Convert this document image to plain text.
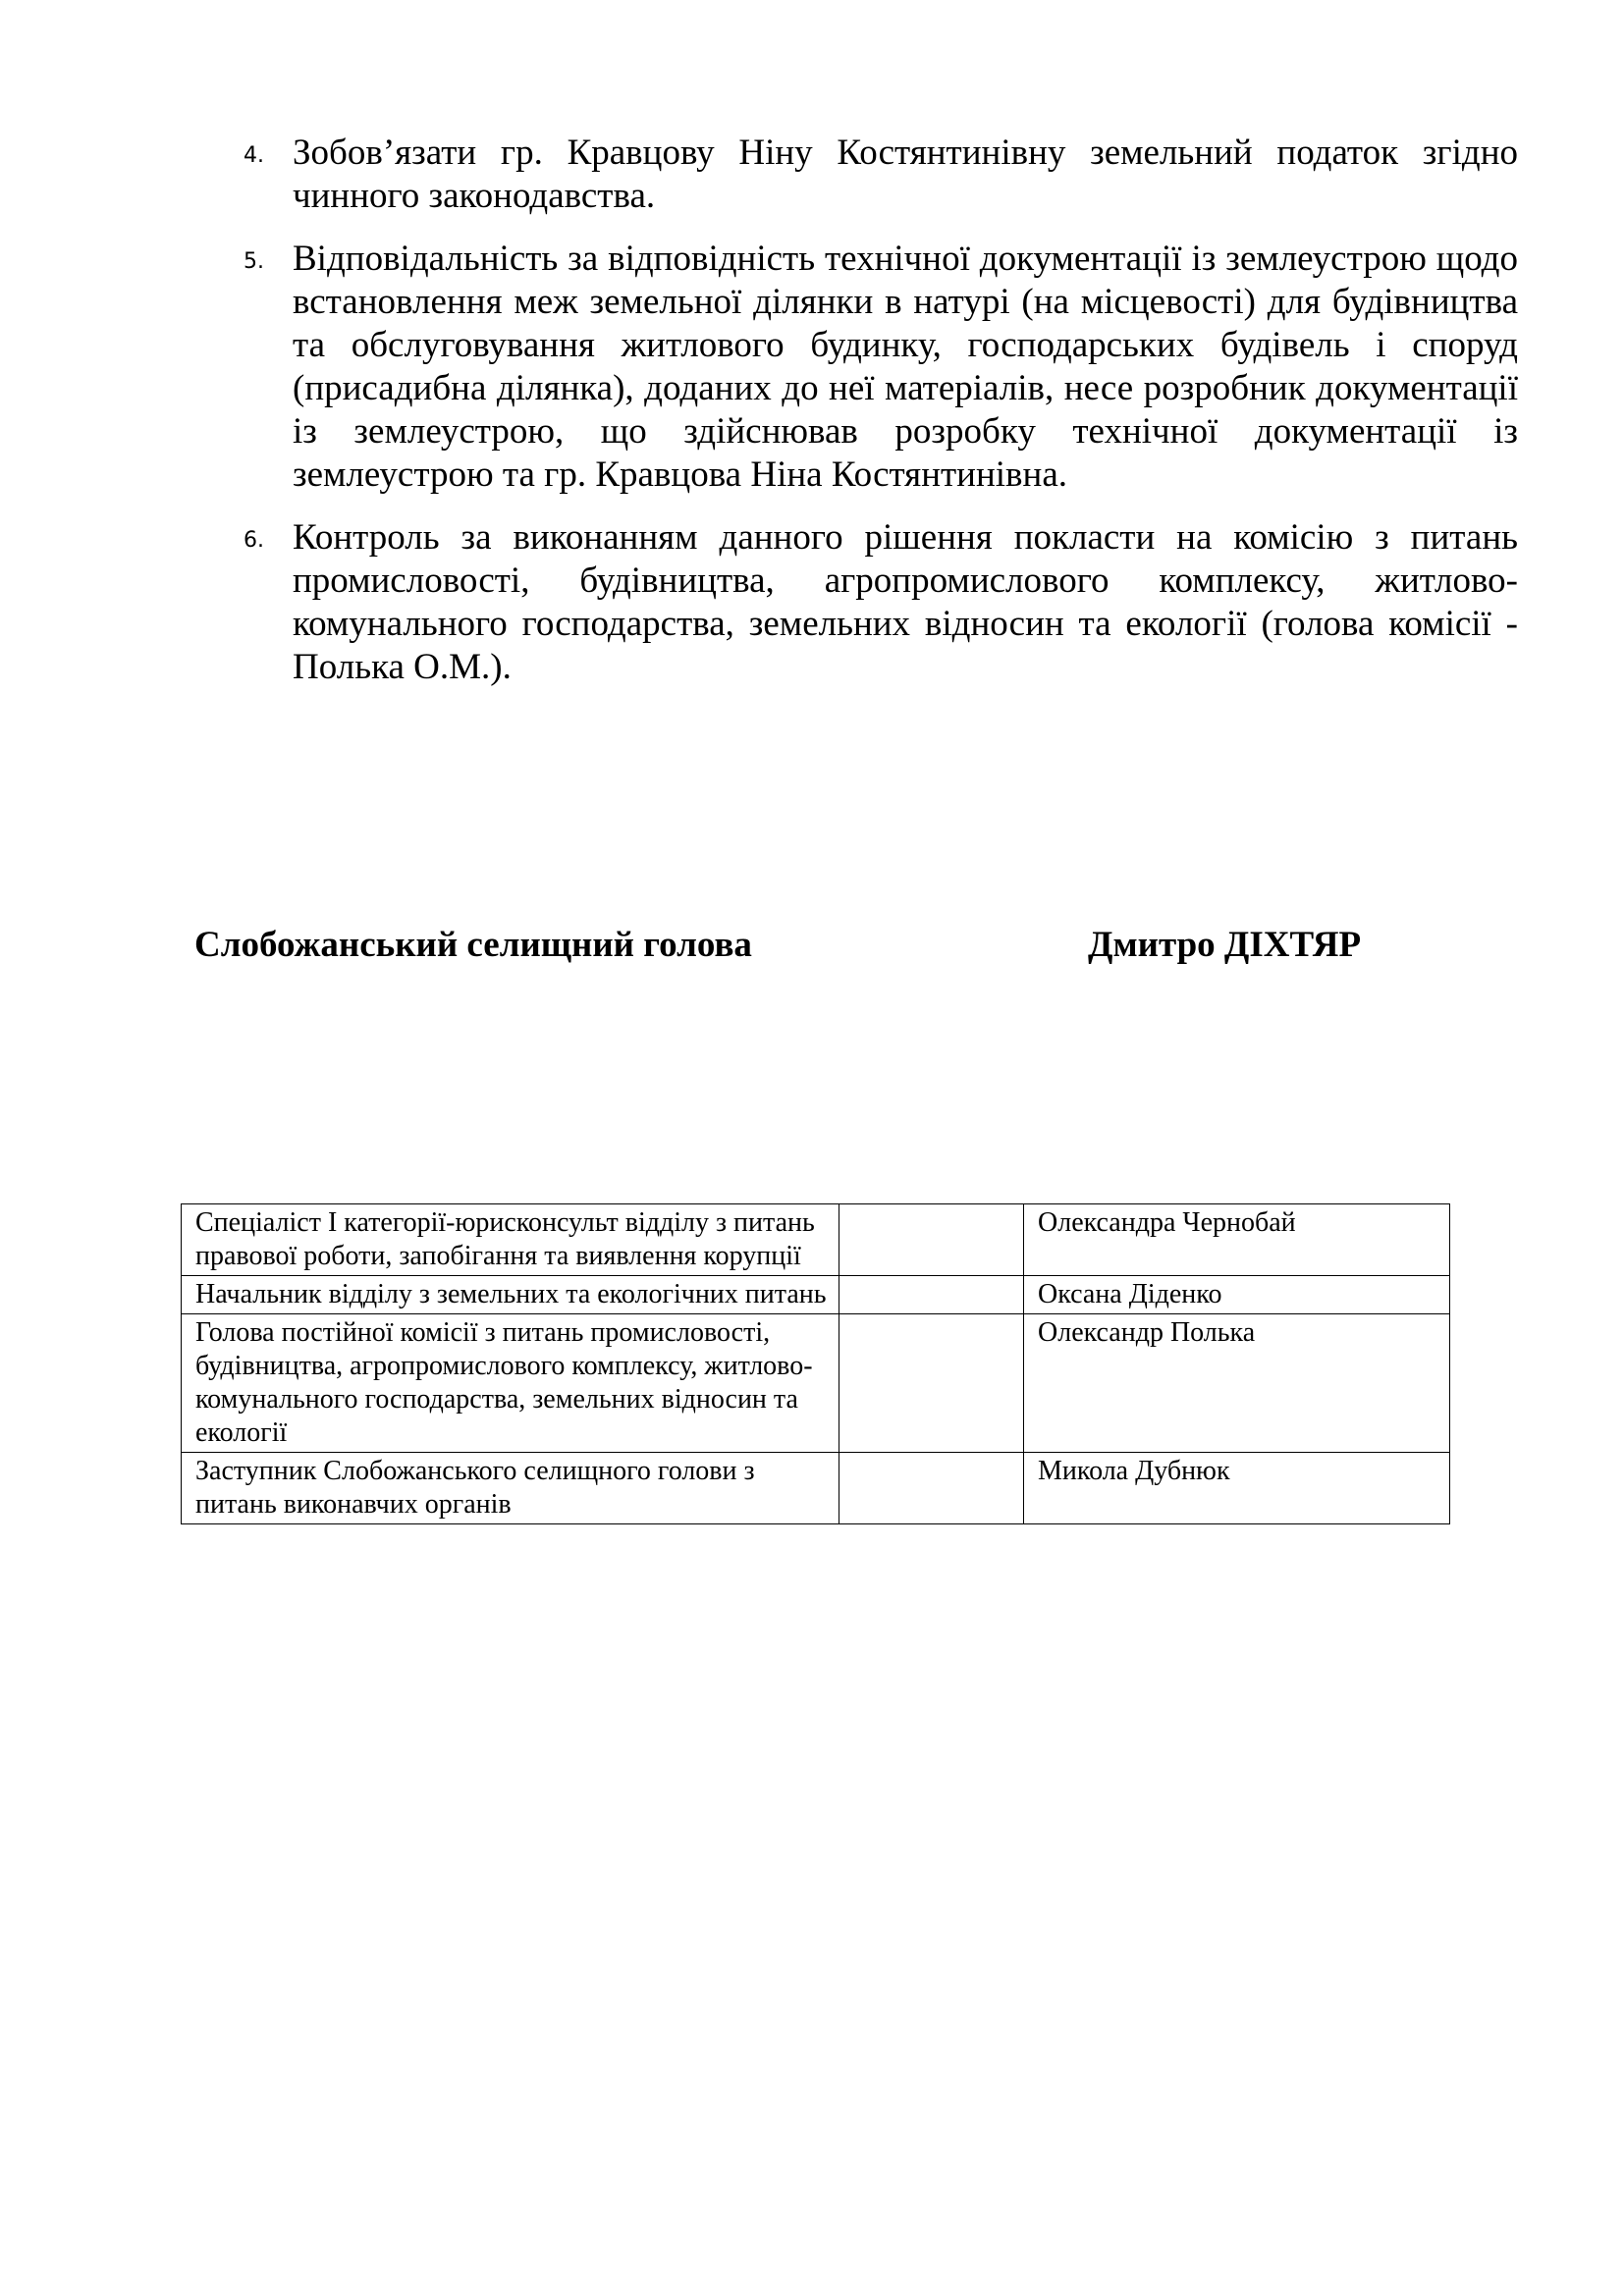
4. Зобов’язати гр. Кравцову Ніну Костянтинівну земельний податок згідно чинного законодавства.
5. Відповідальність за відповідність технічної документації із землеустрою щодо встановлення меж земельної ділянки в натурі (на місцевості) для будівництва та обслуговування житлового будинку, господарських будівель і споруд (присадибна ділянка), доданих до неї матеріалів, несе розробник документації із землеустрою, що здійснював розробку технічної документації із землеустрою та гр. Кравцова Ніна Костянтинівна.
6. Контроль за виконанням данного рішення покласти на комісію з питань промисловості, будівництва, агропромислового комплексу, житлово-комунального господарства, земельних відносин та екології (голова комісії - Полька О.М.).
Слобожанський селищний голова	Дмитро ДІХТЯР
Спеціаліст I категорії-юрисконсульт відділу з питань правової роботи, запобігання та виявлення корупції		Олександра Чернобай
Начальник відділу з земельних та екологічних питань		Оксана Діденко
Голова постійної комісії з питань промисловості, будівництва, агропромислового комплексу, житлово-комунального господарства, земельних відносин та екології		Олександр Полька
Заступник Слобожанського селищного голови з питань виконавчих органів		Микола Дубнюк
